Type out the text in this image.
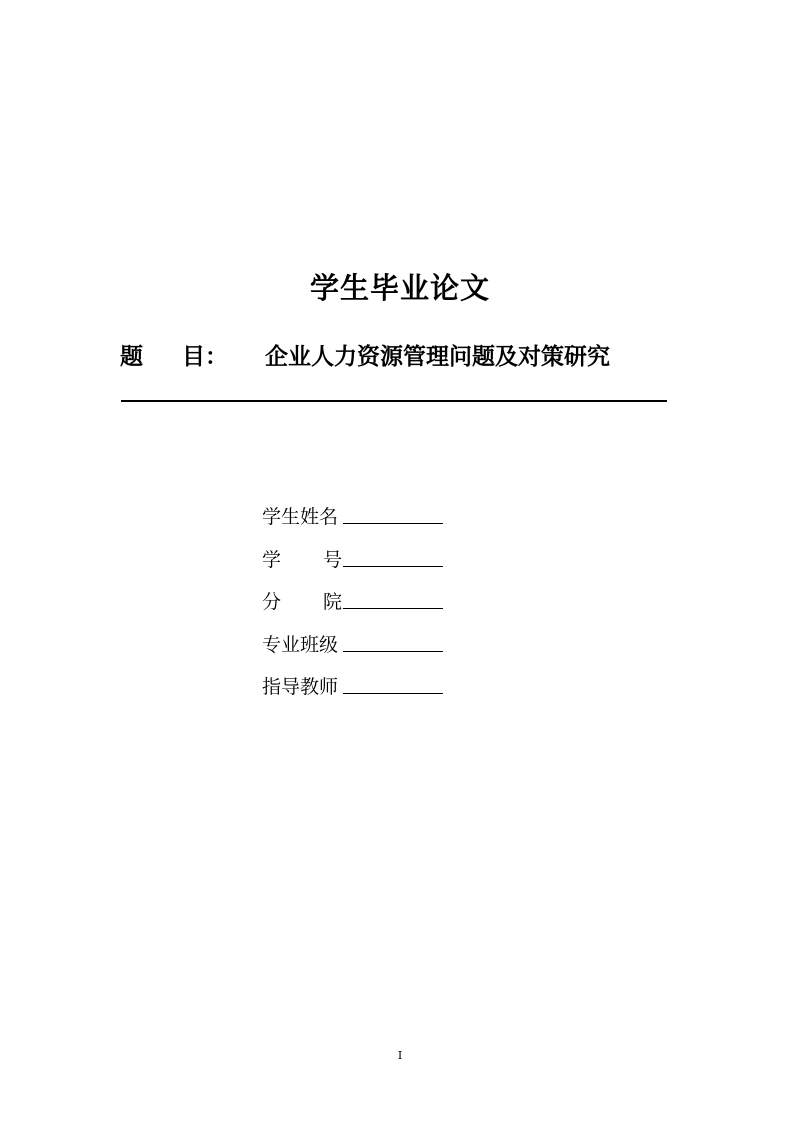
学生毕业论文
题 目： 企业人力资源管理问题及对策研究
学生姓名
学 号
分 院
专业班级
指导教师
I
